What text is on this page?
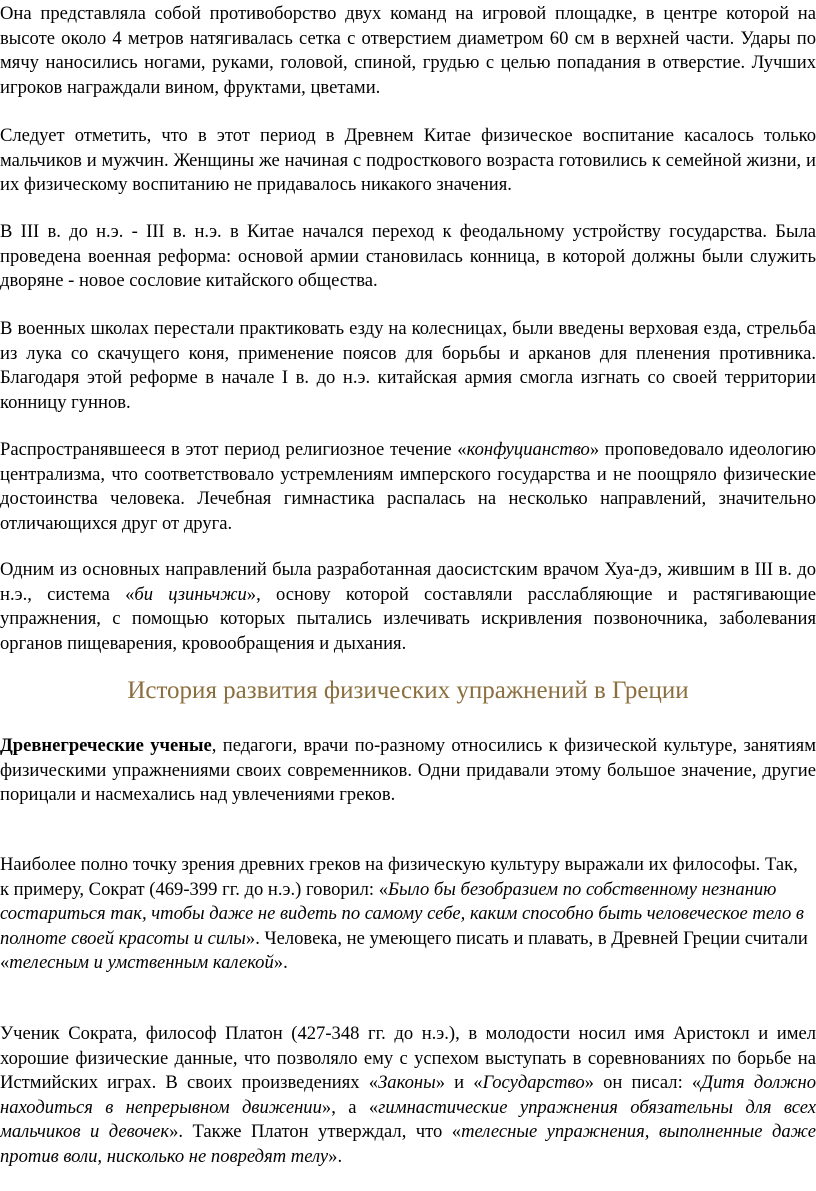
Она представляла собой противоборство двух команд на игровой площадке, в центре которой на высоте около 4 метров натягивалась сетка с отверстием диаметром 60 см в верхней части. Удары по мячу наносились ногами, руками, головой, спиной, грудью с целью попадания в отверстие. Лучших игроков награждали вином, фруктами, цветами.

Следует отметить, что в этот период в Древнем Китае физическое воспитание касалось только мальчиков и мужчин. Женщины же начиная с подросткового возраста готовились к семейной жизни, и их физическому воспитанию не придавалось никакого значения.

В III в. до н.э. - III в. н.э. в Китае начался переход к феодальному устройству государства. Была проведена военная реформа: основой армии становилась конница, в которой должны были служить дворяне - новое сословие китайского общества.

В военных школах перестали практиковать езду на колесницах, были введены верховая езда, стрельба из лука со скачущего коня, применение поясов для борьбы и арканов для пленения противника. Благодаря этой реформе в начале I в. до н.э. китайская армия смогла изгнать со своей территории конницу гуннов.

Распространявшееся в этот период религиозное течение «конфуцианство» проповедовало идеологию централизма, что соответствовало устремлениям имперского государства и не поощряло физические достоинства человека. Лечебная гимнастика распалась на несколько направлений, значительно отличающихся друг от друга.

Одним из основных направлений была разработанная даосистским врачом Хуа-дэ, жившим в III в. до н.э., система «би цзиньчжи», основу которой составляли расслабляющие и растягивающие упражнения, с помощью которых пытались излечивать искривления позвоночника, заболевания органов пищеварения, кровообращения и дыхания.

История развития физических упражнений в Греции

Древнегреческие ученые, педагоги, врачи по-разному относились к физической культуре, занятиям физическими упражнениями своих современников. Одни придавали этому большое значение, другие порицали и насмехались над увлечениями греков.

Наиболее полно точку зрения древних греков на физическую культуру выражали их философы. Так, к примеру, Сократ (469-399 гг. до н.э.) говорил: «Было бы безобразием по собственному незнанию состариться так, чтобы даже не видеть по самому себе, каким способно быть человеческое тело в полноте своей красоты и силы». Человека, не умеющего писать и плавать, в Древней Греции считали «телесным и умственным калекой».

Ученик Сократа, философ Платон (427-348 гг. до н.э.), в молодости носил имя Аристокл и имел хорошие физические данные, что позволяло ему с успехом выступать в соревнованиях по борьбе на Истмийских играх. В своих произведениях «Законы» и «Государство» он писал: «Дитя должно находиться в непрерывном движении», а «гимнастические упражнения обязательны для всех мальчиков и девочек». Также Платон утверждал, что «телесные упражнения, выполненные даже против воли, нисколько не повредят телу».
